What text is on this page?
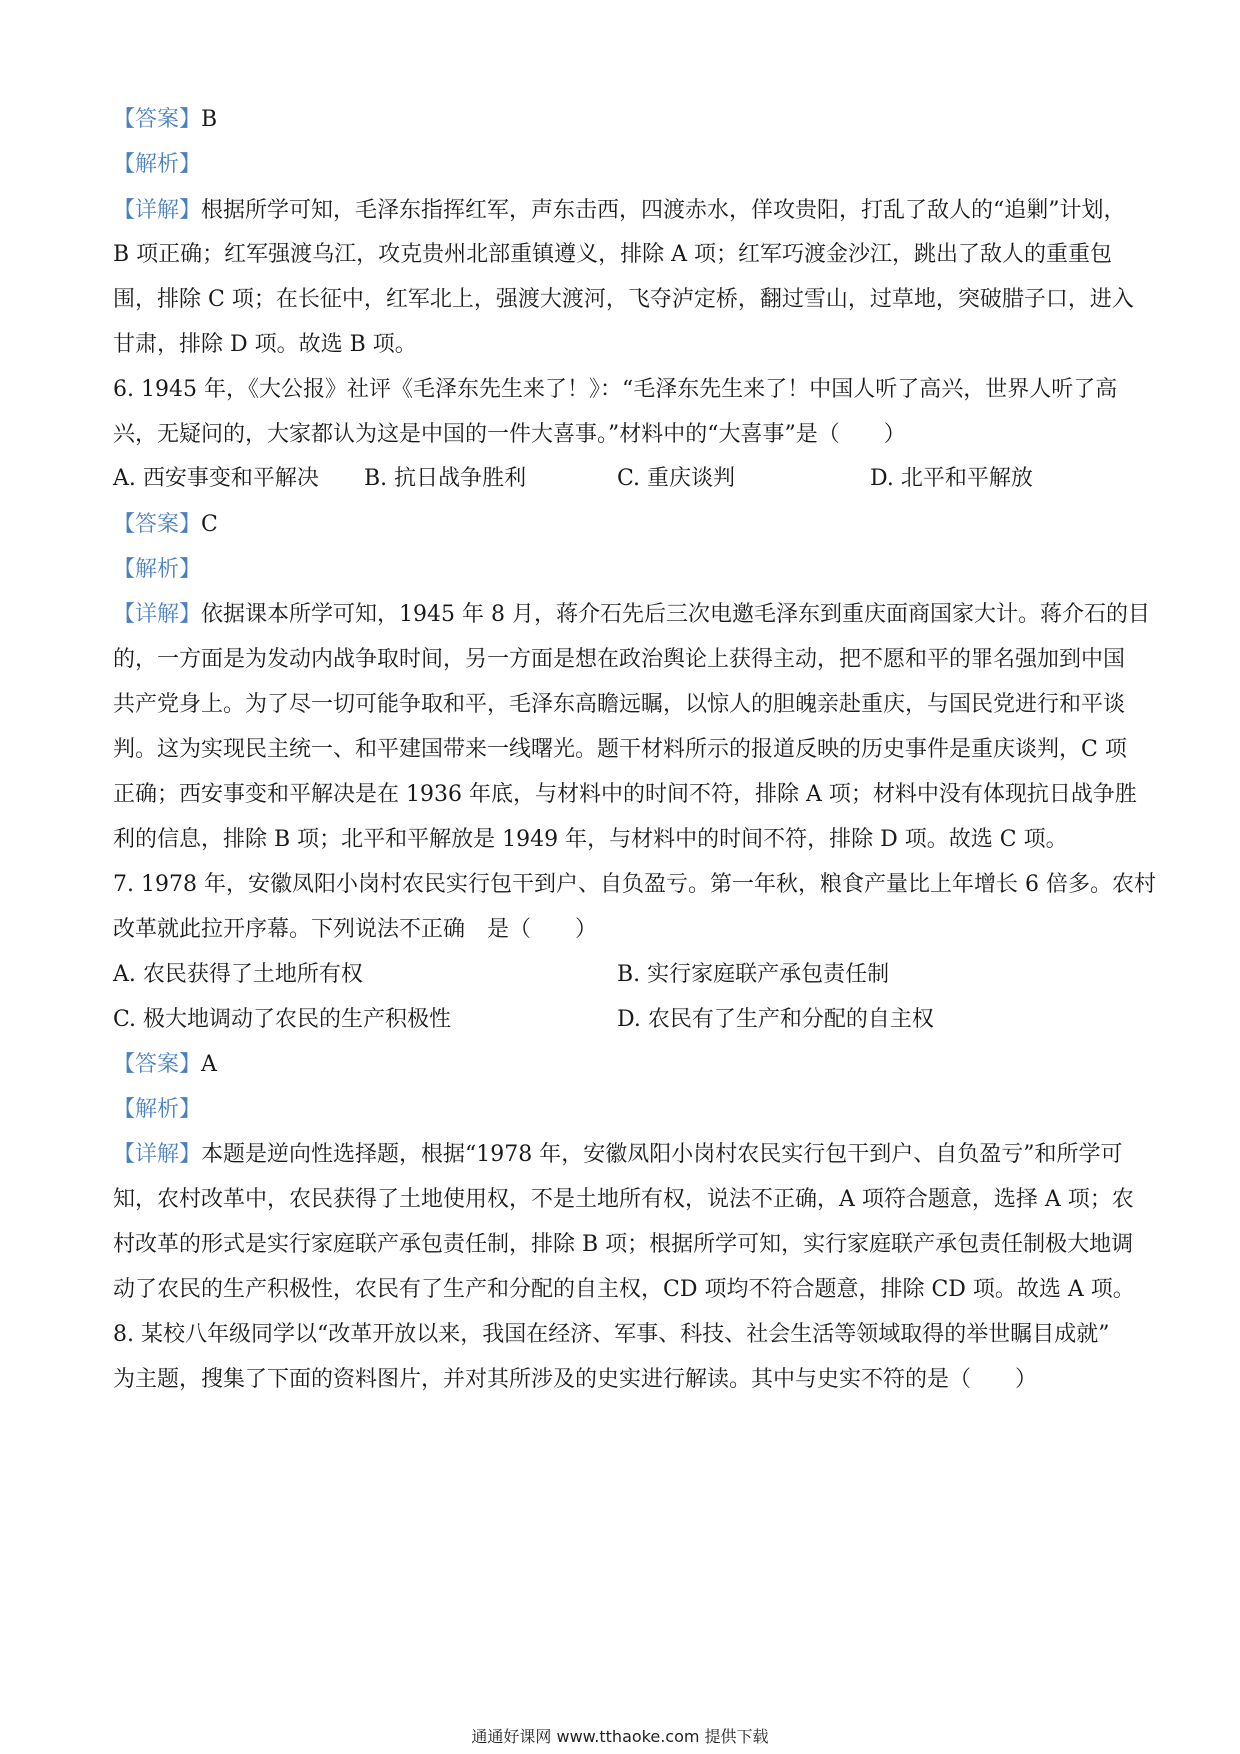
【答案】B
【解析】
【详解】根据所学可知，毛泽东指挥红军，声东击西，四渡赤水，佯攻贵阳，打乱了敌人的“追剿”计划，
B 项正确；红军强渡乌江，攻克贵州北部重镇遵义，排除 A 项；红军巧渡金沙江，跳出了敌人的重重包
围，排除 C 项；在长征中，红军北上，强渡大渡河，飞夺泸定桥，翻过雪山，过草地，突破腊子口，进入
甘肃，排除 D 项。故选 B 项。
6. 1945 年，《大公报》社评《毛泽东先生来了！》：“毛泽东先生来了！中国人听了高兴，世界人听了高
兴，无疑问的，大家都认为这是中国的一件大喜事。”材料中的“大喜事”是（　　）
A. 西安事变和平解决 B. 抗日战争胜利	C. 重庆谈判	D. 北平和平解放
【答案】C
【解析】
【详解】依据课本所学可知，1945 年 8 月，蒋介石先后三次电邀毛泽东到重庆面商国家大计。蒋介石的目
的，一方面是为发动内战争取时间，另一方面是想在政治舆论上获得主动，把不愿和平的罪名强加到中国
共产党身上。为了尽一切可能争取和平，毛泽东高瞻远瞩，以惊人的胆魄亲赴重庆，与国民党进行和平谈
判。这为实现民主统一、和平建国带来一线曙光。题干材料所示的报道反映的历史事件是重庆谈判，C 项
正确；西安事变和平解决是在 1936 年底，与材料中的时间不符，排除 A 项；材料中没有体现抗日战争胜
利的信息，排除 B 项；北平和平解放是 1949 年，与材料中的时间不符，排除 D 项。故选 C 项。
7. 1978 年，安徽凤阳小岗村农民实行包干到户、自负盈亏。第一年秋，粮食产量比上年增长 6 倍多。农村
改革就此拉开序幕。下列说法不正确　是（　　）
A. 农民获得了土地所有权	B. 实行家庭联产承包责任制
C. 极大地调动了农民的生产积极性	D. 农民有了生产和分配的自主权
【答案】A
【解析】
【详解】本题是逆向性选择题，根据“1978 年，安徽凤阳小岗村农民实行包干到户、自负盈亏”和所学可
知，农村改革中，农民获得了土地使用权，不是土地所有权，说法不正确，A 项符合题意，选择 A 项；农
村改革的形式是实行家庭联产承包责任制，排除 B 项；根据所学可知，实行家庭联产承包责任制极大地调
动了农民的生产积极性，农民有了生产和分配的自主权，CD 项均不符合题意，排除 CD 项。故选 A 项。
8. 某校八年级同学以“改革开放以来，我国在经济、军事、科技、社会生活等领域取得的举世瞩目成就”
为主题，搜集了下面的资料图片，并对其所涉及的史实进行解读。其中与史实不符的是（　　）
通通好课网 www.tthaoke.com 提供下载
